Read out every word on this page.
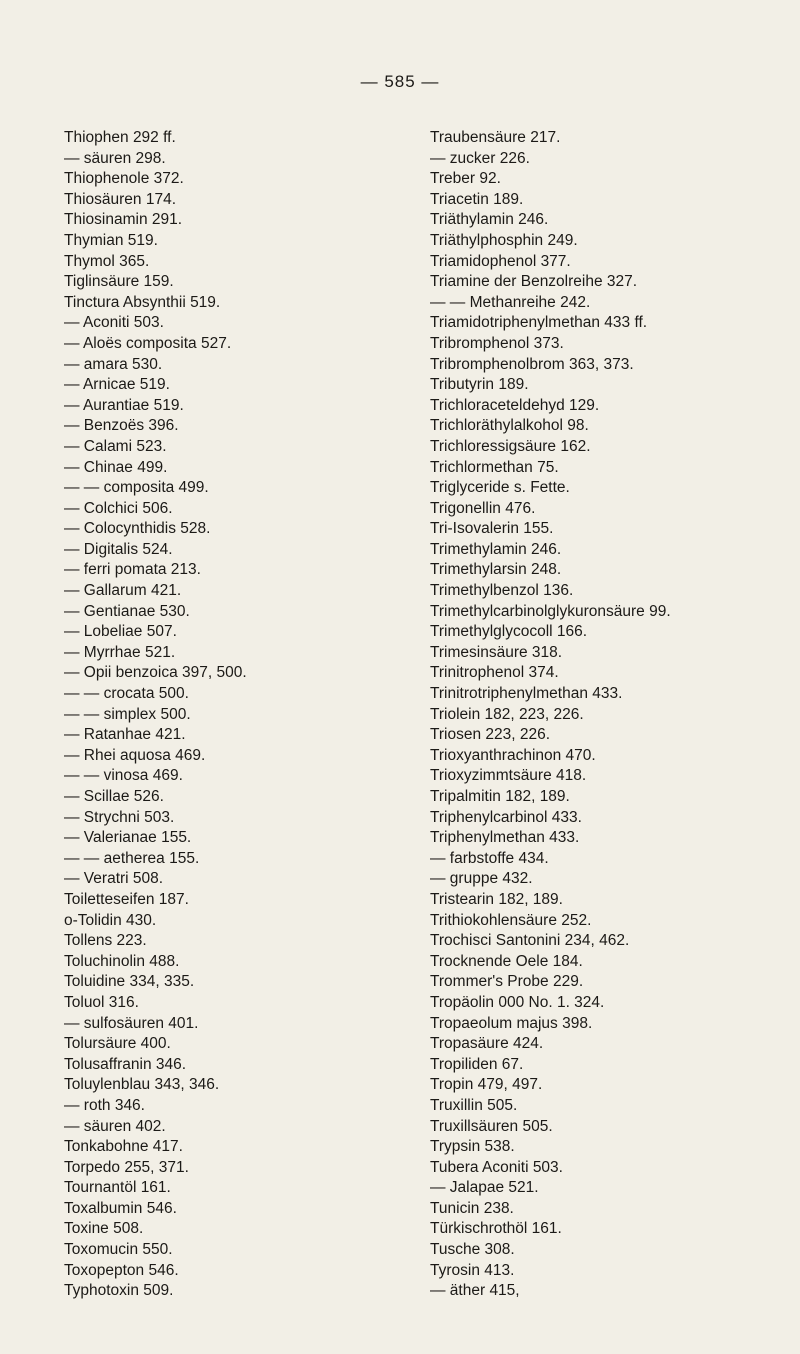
— 585 —
Thiophen 292 ff.
— säuren 298.
Thiophenole 372.
Thiosäuren 174.
Thiosinamin 291.
Thymian 519.
Thymol 365.
Tiglinsäure 159.
Tinctura Absynthii 519.
— Aconiti 503.
— Aloës composita 527.
— amara 530.
— Arnicae 519.
— Aurantiae 519.
— Benzoës 396.
— Calami 523.
— Chinae 499.
— — composita 499.
— Colchici 506.
— Colocynthidis 528.
— Digitalis 524.
— ferri pomata 213.
— Gallarum 421.
— Gentianae 530.
— Lobeliae 507.
— Myrrhae 521.
— Opii benzoica 397, 500.
— — crocata 500.
— — simplex 500.
— Ratanhae 421.
— Rhei aquosa 469.
— — vinosa 469.
— Scillae 526.
— Strychni 503.
— Valerianae 155.
— — aetherea 155.
— Veratri 508.
Toiletteseifen 187.
o-Tolidin 430.
Tollens 223.
Toluchinolin 488.
Toluidine 334, 335.
Toluol 316.
— sulfosäuren 401.
Tolursäure 400.
Tolusaffranin 346.
Toluylenblau 343, 346.
— roth 346.
— säuren 402.
Tonkabohne 417.
Torpedo 255, 371.
Tournantöl 161.
Toxalbumin 546.
Toxine 508.
Toxomucin 550.
Toxopepton 546.
Typhotoxin 509.
Traubensäure 217.
— zucker 226.
Treber 92.
Triacetin 189.
Triäthylamin 246.
Triäthylphosphin 249.
Triamidophenol 377.
Triamine der Benzolreihe 327.
— — Methanreihe 242.
Triamidotriphenylmethan 433 ff.
Tribromphenol 373.
Tribromphenolbrom 363, 373.
Tributyrin 189.
Trichloraceteldehyd 129.
Trichloräthylalkohol 98.
Trichloressigsäure 162.
Trichlormethan 75.
Triglyceride s. Fette.
Trigonellin 476.
Tri-Isovalerin 155.
Trimethylamin 246.
Trimethylarsin 248.
Trimethylbenzol 136.
Trimethylcarbinolglykuronsäure 99.
Trimethylglycocoll 166.
Trimesinsäure 318.
Trinitrophenol 374.
Trinitrotriphenylmethan 433.
Triolein 182, 223, 226.
Triosen 223, 226.
Trioxyanthrachinon 470.
Trioxyzimmtsäure 418.
Tripalmitin 182, 189.
Triphenylcarbinol 433.
Triphenylmethan 433.
— farbstoffe 434.
— gruppe 432.
Tristearin 182, 189.
Trithiokohlensäure 252.
Trochisci Santonini 234, 462.
Trocknende Oele 184.
Trommer's Probe 229.
Tropäolin 000 No. 1. 324.
Tropaeolum majus 398.
Tropasäure 424.
Tropiliden 67.
Tropin 479, 497.
Truxillin 505.
Truxillsäuren 505.
Trypsin 538.
Tubera Aconiti 503.
— Jalapae 521.
Tunicin 238.
Türkischrothöl 161.
Tusche 308.
Tyrosin 413.
— äther 415,
